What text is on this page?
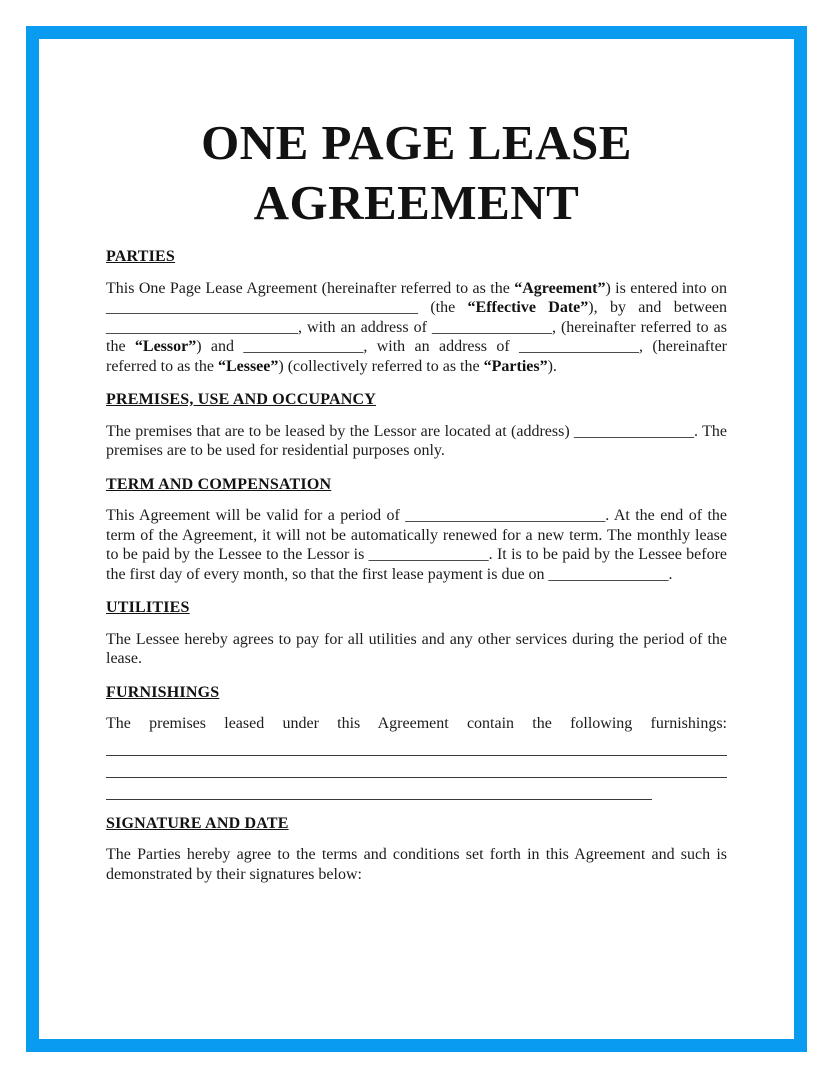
ONE PAGE LEASE
AGREEMENT
PARTIES

This One Page Lease Agreement (hereinafter referred to as the “Agreement”) is entered into on _______________________________________ (the “Effective Date”), by and between ________________________, with an address of _______________, (hereinafter referred to as the “Lessor”) and _______________, with an address of _______________, (hereinafter referred to as the “Lessee”) (collectively referred to as the “Parties”).

PREMISES, USE AND OCCUPANCY

The premises that are to be leased by the Lessor are located at (address) _______________. The premises are to be used for residential purposes only.

TERM AND COMPENSATION

This Agreement will be valid for a period of _________________________. At the end of the term of the Agreement, it will not be automatically renewed for a new term. The monthly lease to be paid by the Lessee to the Lessor is _______________. It is to be paid by the Lessee before the first day of every month, so that the first lease payment is due on _______________.

UTILITIES

The Lessee hereby agrees to pay for all utilities and any other services during the period of the lease.

FURNISHINGS

The premises leased under this Agreement contain the following furnishings:

SIGNATURE AND DATE

The Parties hereby agree to the terms and conditions set forth in this Agreement and such is demonstrated by their signatures below:
